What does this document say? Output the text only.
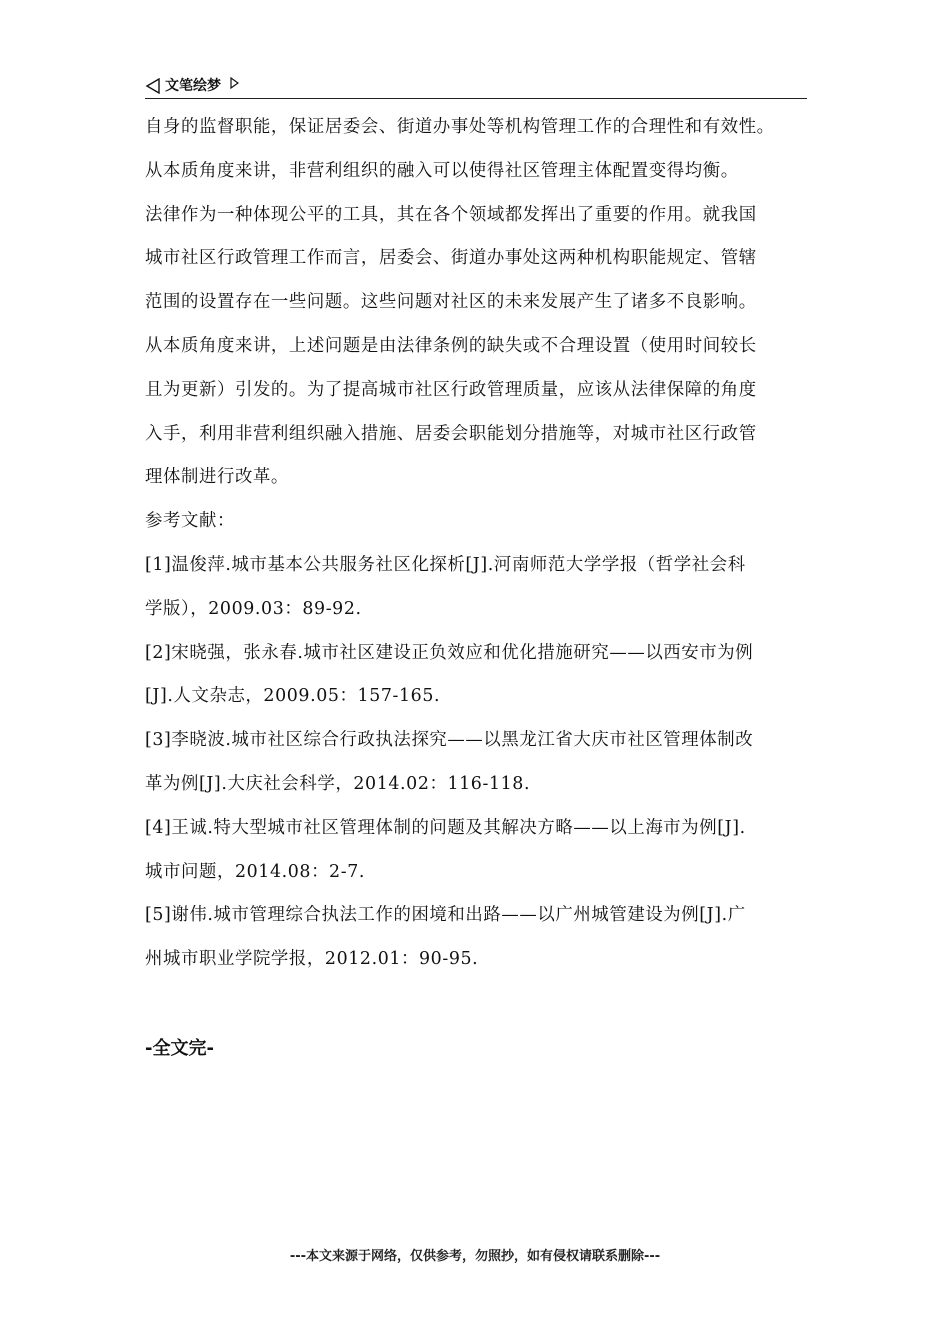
文笔绘梦
自身的监督职能，保证居委会、街道办事处等机构管理工作的合理性和有效性。
从本质角度来讲，非营利组织的融入可以使得社区管理主体配置变得均衡。
法律作为一种体现公平的工具，其在各个领域都发挥出了重要的作用。就我国
城市社区行政管理工作而言，居委会、街道办事处这两种机构职能规定、管辖
范围的设置存在一些问题。这些问题对社区的未来发展产生了诸多不良影响。
从本质角度来讲，上述问题是由法律条例的缺失或不合理设置（使用时间较长
且为更新）引发的。为了提高城市社区行政管理质量，应该从法律保障的角度
入手，利用非营利组织融入措施、居委会职能划分措施等，对城市社区行政管
理体制进行改革。
参考文献：
[1]温俊萍.城市基本公共服务社区化探析[J].河南师范大学学报（哲学社会科
学版），2009.03：89-92.
[2]宋晓强，张永春.城市社区建设正负效应和优化措施研究——以西安市为例
[J].人文杂志，2009.05：157-165.
[3]李晓波.城市社区综合行政执法探究——以黑龙江省大庆市社区管理体制改
革为例[J].大庆社会科学，2014.02：116-118.
[4]王诚.特大型城市社区管理体制的问题及其解决方略——以上海市为例[J].
城市问题，2014.08：2-7.
[5]谢伟.城市管理综合执法工作的困境和出路——以广州城管建设为例[J].广
州城市职业学院学报，2012.01：90-95.
-全文完-
---本文来源于网络，仅供参考，勿照抄，如有侵权请联系删除---
